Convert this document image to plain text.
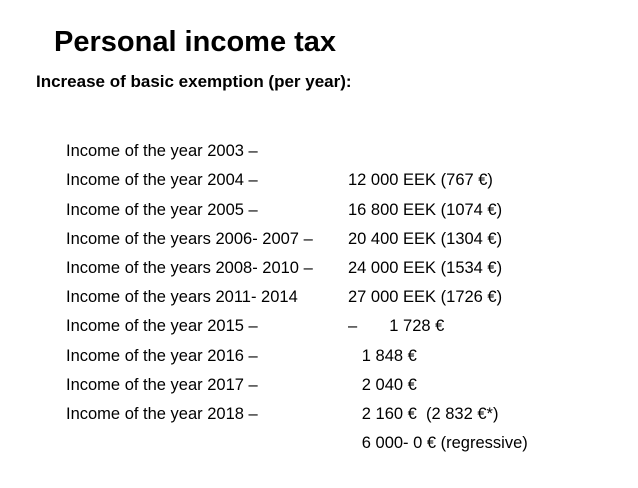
Personal income tax
Increase of basic exemption (per year):

Income of the year 2003 –

12 000 EEK (767 €)

Income of the year 2004 –

16 800 EEK (1074 €)

Income of the year 2005 –

20 400 EEK (1304 €)

Income of the years 2006- 2007 –

24 000 EEK (1534 €)

Income of the years 2008- 2010 –

27 000 EEK (1726 €)

Income of the years 2011- 2014

–       1 728 €

Income of the year 2015 –

1 848 €

Income of the year 2016 –

2 040 €

Income of the year 2017 –

2 160 €  (2 832 €*)

Income of the year 2018 –

6 000- 0 € (regressive)
